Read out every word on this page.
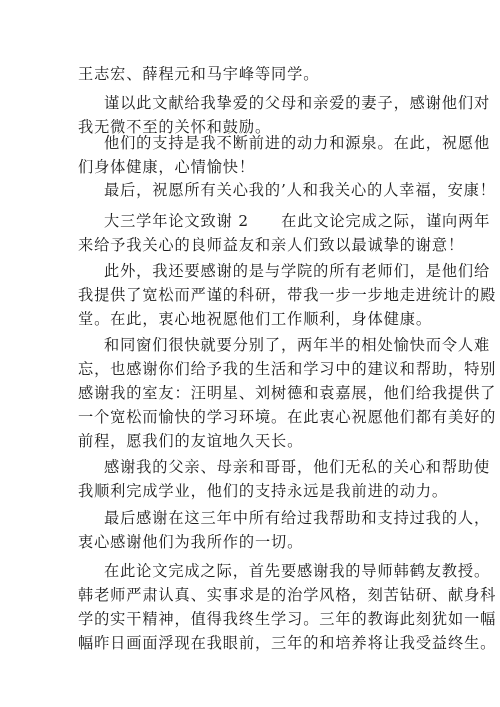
王志宏、薛程元和马宇峰等同学。
谨以此文献给我挚爱的父母和亲爱的妻子，感谢他们对
我无微不至的关怀和鼓励。
他们的支持是我不断前进的动力和源泉。在此，祝愿他
们身体健康，心情愉快！
最后，祝愿所有关心我的’人和我关心的人幸福，安康！
大三学年论文致谢 2　　在此文论完成之际，谨向两年
来给予我关心的良师益友和亲人们致以最诚挚的谢意！
此外，我还要感谢的是与学院的所有老师们，是他们给
我提供了宽松而严谨的科研，带我一步一步地走进统计的殿
堂。在此，衷心地祝愿他们工作顺利，身体健康。
和同窗们很快就要分别了，两年半的相处愉快而令人难
忘，也感谢你们给予我的生活和学习中的建议和帮助，特别
感谢我的室友：汪明星、刘树德和袁嘉展，他们给我提供了
一个宽松而愉快的学习环境。在此衷心祝愿他们都有美好的
前程，愿我们的友谊地久天长。
感谢我的父亲、母亲和哥哥，他们无私的关心和帮助使
我顺利完成学业，他们的支持永远是我前进的动力。
最后感谢在这三年中所有给过我帮助和支持过我的人，
衷心感谢他们为我所作的一切。
在此论文完成之际，首先要感谢我的导师韩鹤友教授。
韩老师严肃认真、实事求是的治学风格，刻苦钻研、献身科
学的实干精神，值得我终生学习。三年的教诲此刻犹如一幅
幅昨日画面浮现在我眼前，三年的和培养将让我受益终生。
